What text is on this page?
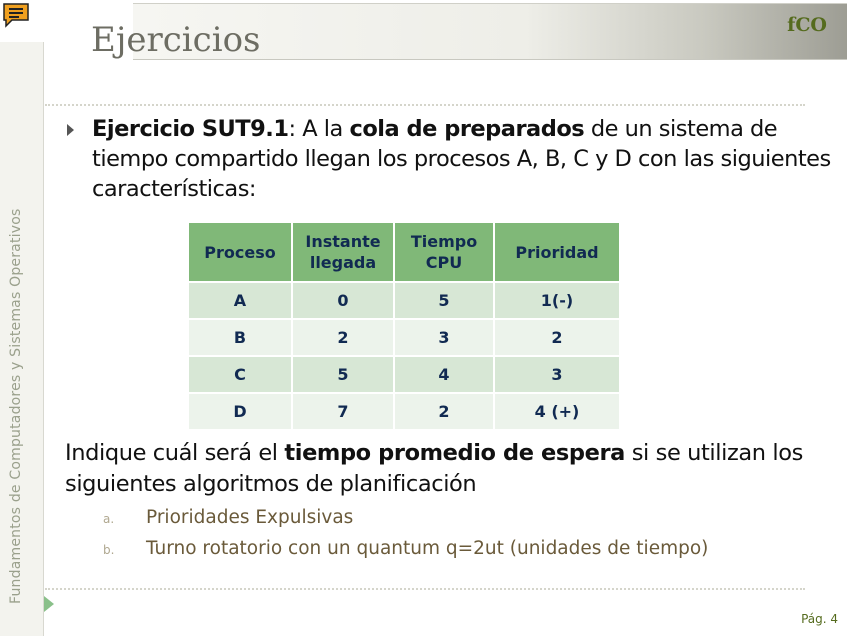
Fundamentos de Computadores y Sistemas Operativos
fCO
Ejercicios
Ejercicio SUT9.1: A la cola de preparados de un sistema de tiempo compartido llegan los procesos A, B, C y D con las siguientes características:
Proceso	Instante llegada	Tiempo CPU	Prioridad
A	0	5	1(-)
B	2	3	2
C	5	4	3
D	7	2	4 (+)
Indique cuál será el tiempo promedio de espera si se utilizan los siguientes algoritmos de planificación
a. Prioridades Expulsivas
b. Turno rotatorio con un quantum q=2ut (unidades de tiempo)
Pág. 4
